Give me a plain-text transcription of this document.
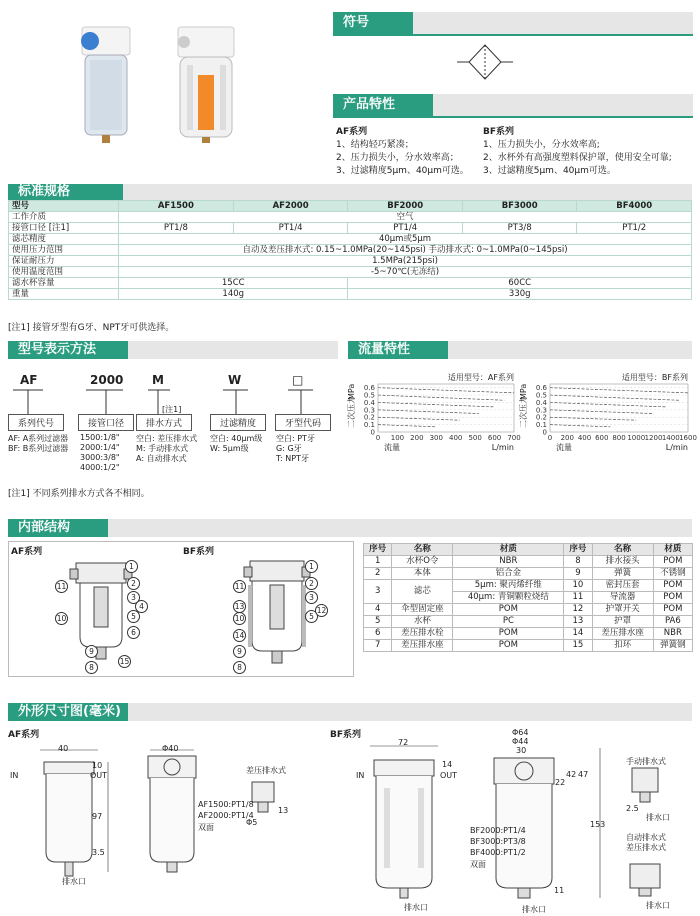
符号
产品特性
AF系列
1、结构轻巧紧凑；
2、压力损失小，分水效率高；
3、过滤精度5μm、40μm可选。
BF系列
1、压力损失小，分水效率高;
2、水杯外有高强度塑料保护罩，使用安全可靠;
3、过滤精度5μm、40μm可选。
标准规格
型号	AF1500	AF2000	BF2000	BF3000	BF4000
工作介质	空气				
接管口径 [注1]	PT1/8	PT1/4	PT1/4	PT3/8	PT1/2
滤芯精度	40μm或5μm				
使用压力范围	自动及差压排水式: 0.15~1.0MPa(20~145psi) 手动排水式: 0~1.0MPa(0~145psi)				
保证耐压力	1.5MPa(215psi)				
使用温度范围	-5~70℃(无冻结)				
滤水杯容量	15CC		60CC		
重量	140g		330g		
[注1] 接管牙型有G牙、NPT牙可供选择。
型号表示方法
AF	2000 M	W	□
[注1]
系列代号	接管口径	排水方式	过滤精度	牙型代码
AF: A系列过滤器
BF: B系列过滤器
1500:1/8"
2000:1/4"
3000:3/8"
4000:1/2"
空白: 差压排水式
M: 手动排水式
A: 自动排水式
空白: 40μm级
W: 5μm级
空白: PT牙
G: G牙
T: NPT牙
[注1] 不同系列排水方式各不相同。
流量特性
0
0.1
0.2
0.3
0.4
0.5
0.6
0 100 200 300 400 500 600 700
适用型号：AF系列
流量	L/min
二次压力
MPa
0
0.1
0.2
0.3
0.4
0.5
0.6
0 200 400 600 800 1000 1200 1400 1600
适用型号：BF系列
流量	L/min
二次压力
MPa
内部结构
AF系列	BF系列
1
2
3
4
5
6
8
9
10
11
15
1
2
3
5
8
9
10
11
12
13
14
序号	名称	材质	序号	名称	材质
1	水杯O令	NBR	8	排水接头	POM
2	本体	铝合金	9	弹簧	不锈钢
3	滤芯	5μm: 聚丙烯纤维	10	密封压套	POM
		40μm: 青铜颗粒烧结	11	导流器	POM
4	伞型固定座	POM	12	护罩开关	POM
5	水杯	PC	13	护罩	PA6
6	差压排水栓	POM	14	差压排水座	NBR
7	差压排水座	POM	15	扣环	弹簧钢
外形尺寸图(毫米)
AF系列	BF系列
40
IN	OUT
10
97
3.5
排水口
Φ40
AF1500:PT1/8
AF2000:PT1/4
双面
差压排水式
Φ5
13
72
IN	OUT
14
排水口
Φ64
Φ44
30
22
42 47
153
11
BF2000:PT1/4
BF3000:PT3/8
BF4000:PT1/2
双面
排水口
手动排水式
2.5
排水口
自动排水式
差压排水式
排水口
